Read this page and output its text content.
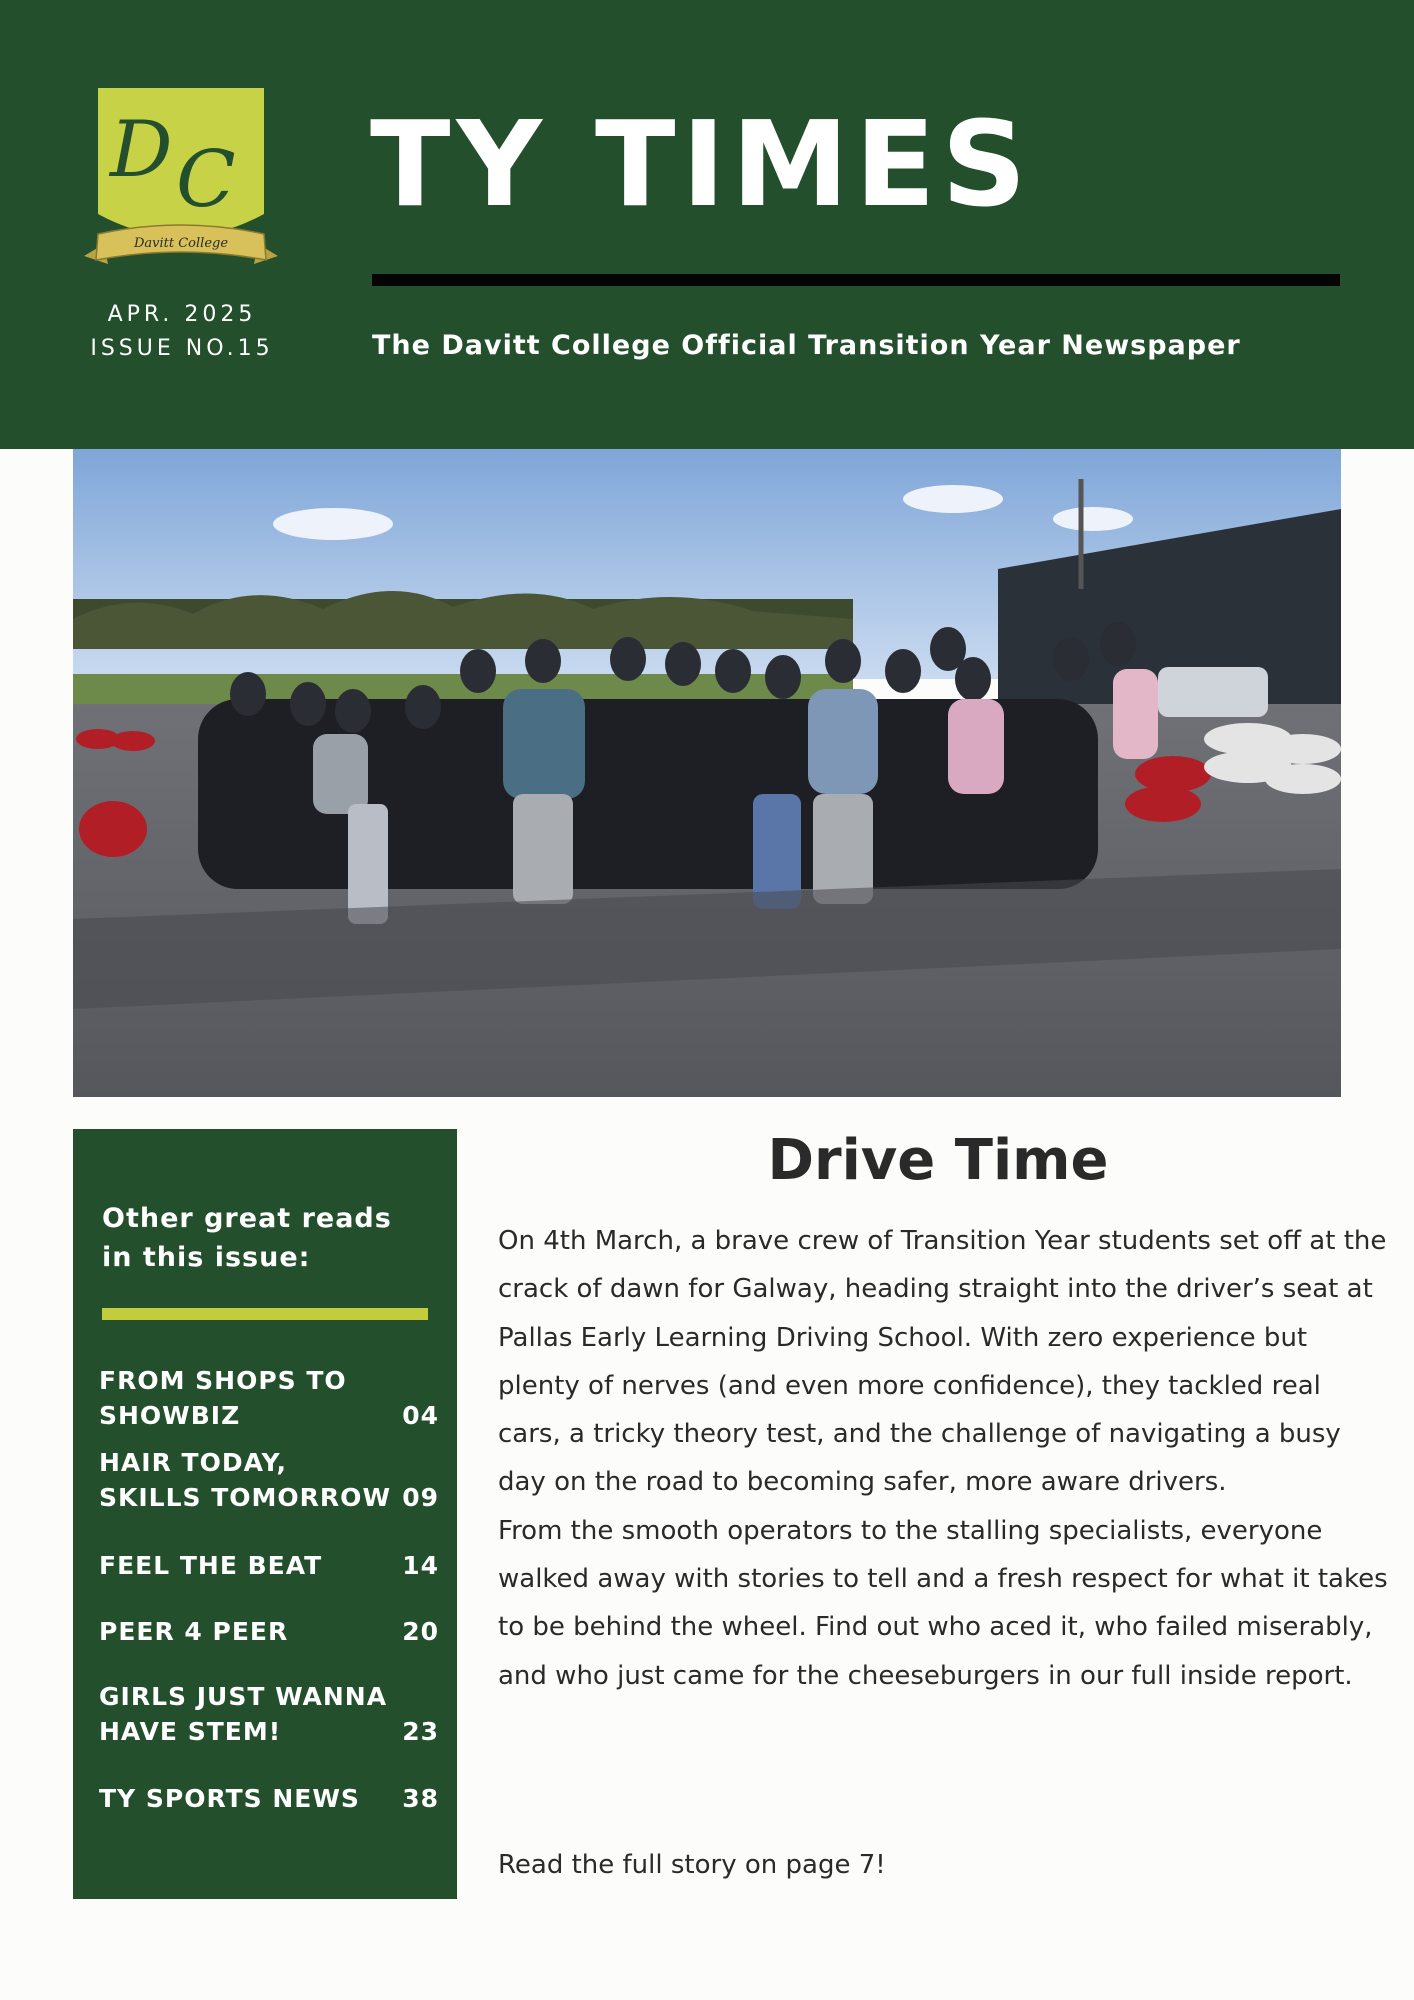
D C
Davitt College
APR. 2025
ISSUE NO.15
TY TIMES
The Davitt College Official Transition Year Newspaper
Other great reads in this issue:
FROM SHOPS TO SHOWBIZ	04
HAIR TODAY, SKILLS TOMORROW 09
FEEL THE BEAT	14
PEER 4 PEER	20
GIRLS JUST WANNA HAVE STEM!	23
TY SPORTS NEWS	38
Drive Time

On 4th March, a brave crew of Transition Year students set off at the crack of dawn for Galway, heading straight into the driver’s seat at Pallas Early Learning Driving School. With zero experience but plenty of nerves (and even more confidence), they tackled real cars, a tricky theory test, and the challenge of navigating a busy day on the road to becoming safer, more aware drivers.

From the smooth operators to the stalling specialists, everyone walked away with stories to tell and a fresh respect for what it takes to be behind the wheel. Find out who aced it, who failed miserably, and who just came for the cheeseburgers in our full inside report.

Read the full story on page 7!
